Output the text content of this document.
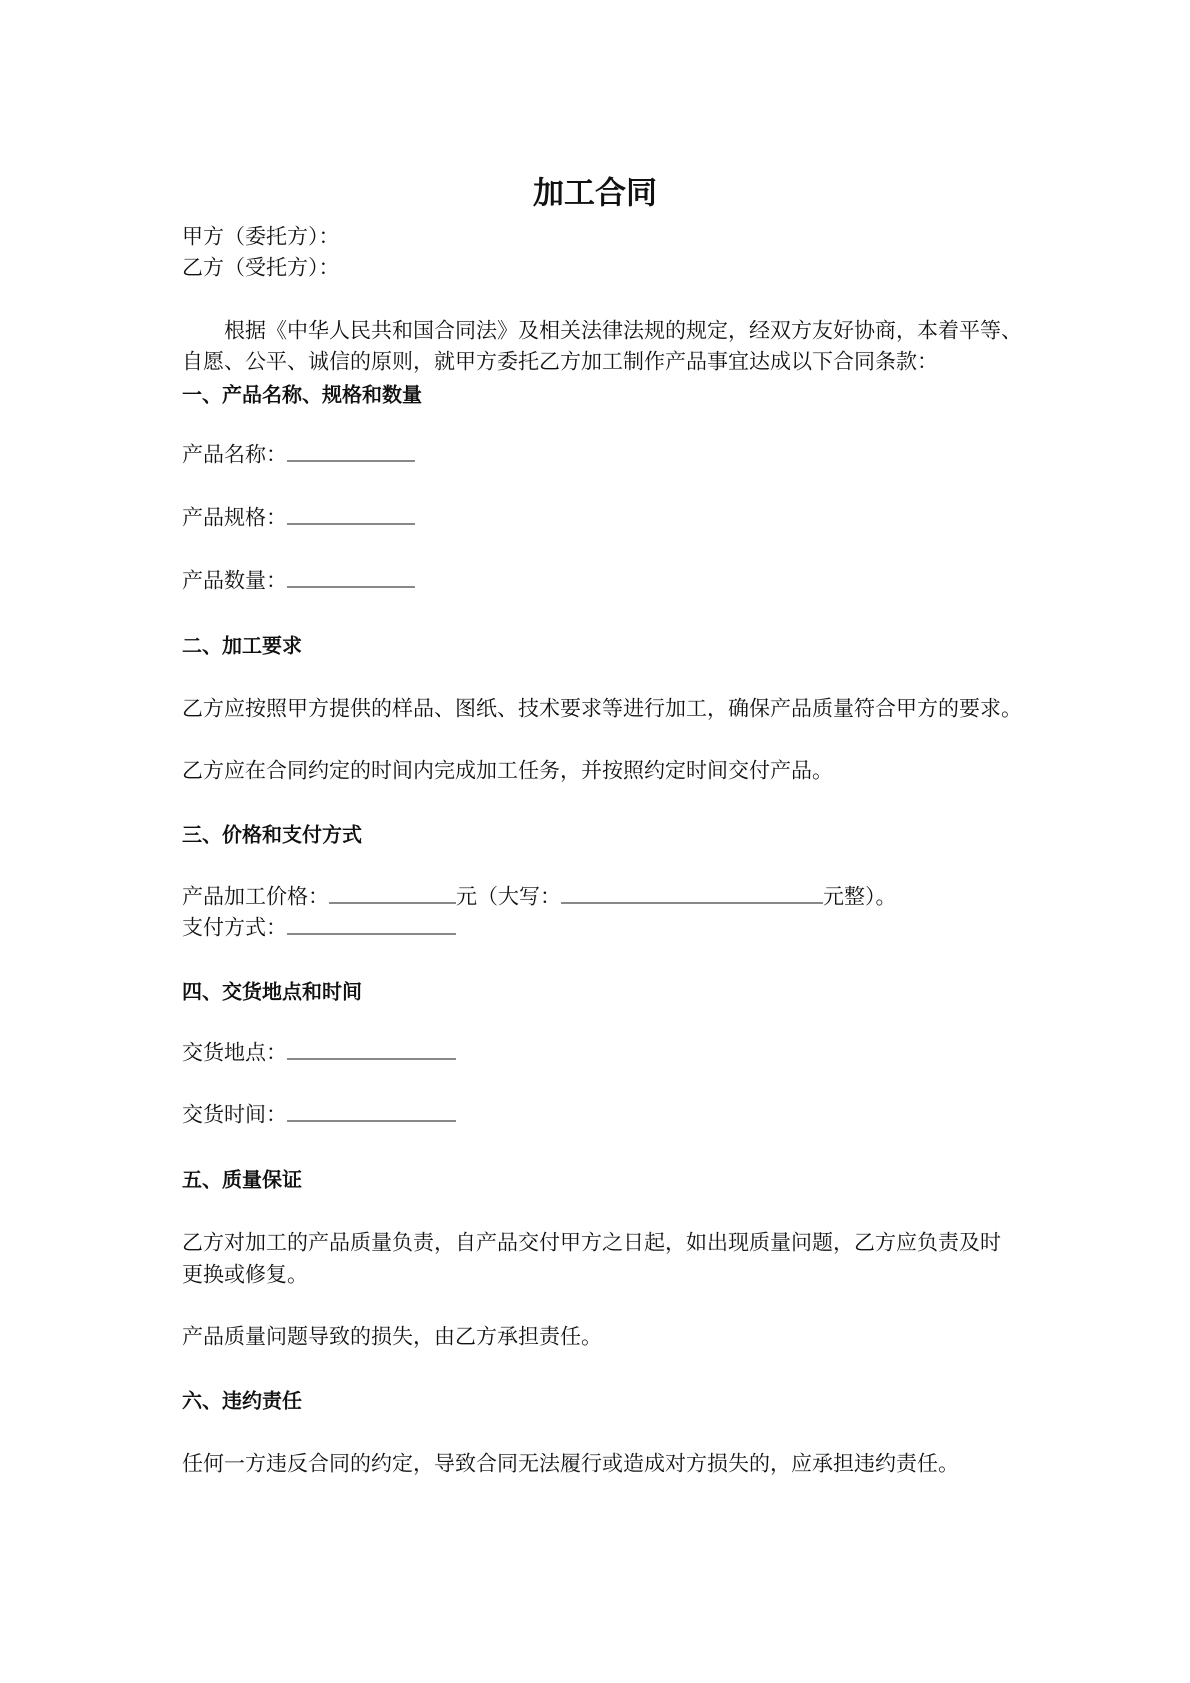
加工合同
甲方（委托方）：
乙方（受托方）：
根据《中华人民共和国合同法》及相关法律法规的规定，经双方友好协商，本着平等、
自愿、公平、诚信的原则，就甲方委托乙方加工制作产品事宜达成以下合同条款：
一、产品名称、规格和数量
产品名称：
产品规格：
产品数量：
二、加工要求
乙方应按照甲方提供的样品、图纸、技术要求等进行加工，确保产品质量符合甲方的要求。
乙方应在合同约定的时间内完成加工任务，并按照约定时间交付产品。
三、价格和支付方式
产品加工价格：	元（大写：	元整）。
支付方式：
四、交货地点和时间
交货地点：
交货时间：
五、质量保证
乙方对加工的产品质量负责，自产品交付甲方之日起，如出现质量问题，乙方应负责及时
更换或修复。
产品质量问题导致的损失，由乙方承担责任。
六、违约责任
任何一方违反合同的约定，导致合同无法履行或造成对方损失的，应承担违约责任。
